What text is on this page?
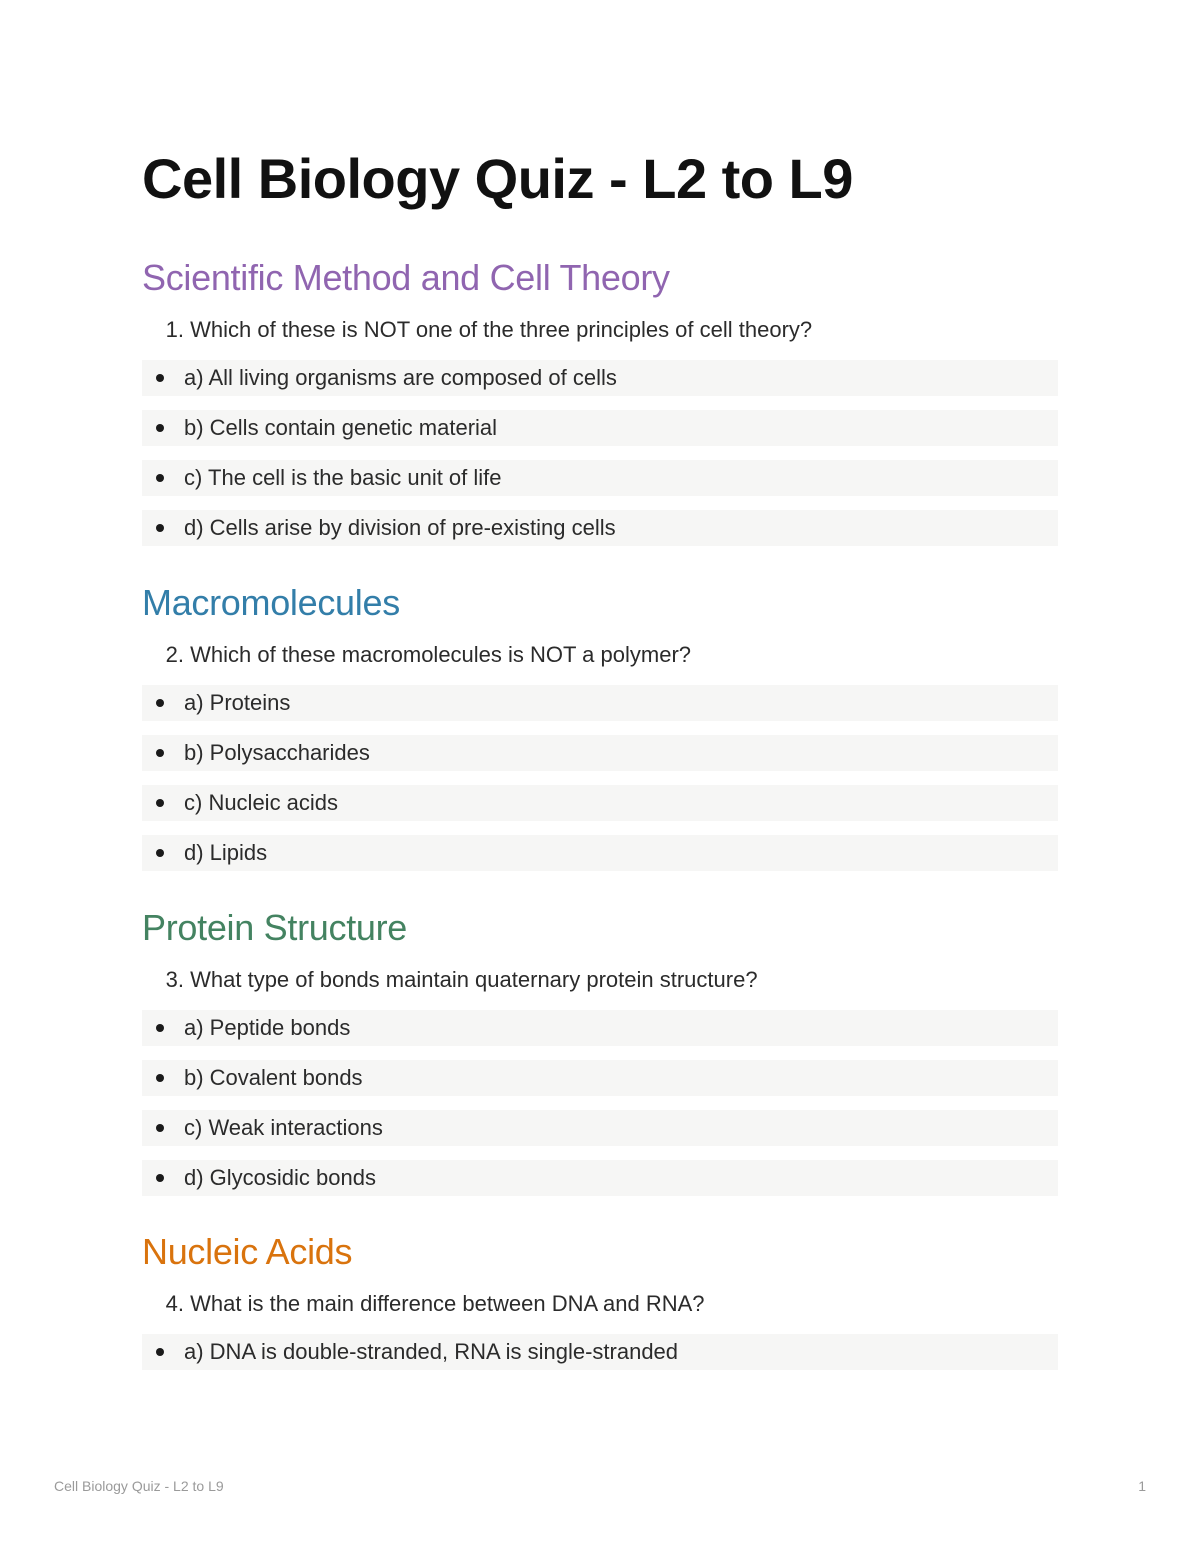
Cell Biology Quiz - L2 to L9
Scientific Method and Cell Theory
1. Which of these is NOT one of the three principles of cell theory?
a) All living organisms are composed of cells
b) Cells contain genetic material
c) The cell is the basic unit of life
d) Cells arise by division of pre-existing cells
Macromolecules
2. Which of these macromolecules is NOT a polymer?
a) Proteins
b) Polysaccharides
c) Nucleic acids
d) Lipids
Protein Structure
3. What type of bonds maintain quaternary protein structure?
a) Peptide bonds
b) Covalent bonds
c) Weak interactions
d) Glycosidic bonds
Nucleic Acids
4. What is the main difference between DNA and RNA?
a) DNA is double-stranded, RNA is single-stranded
Cell Biology Quiz - L2 to L9	1
